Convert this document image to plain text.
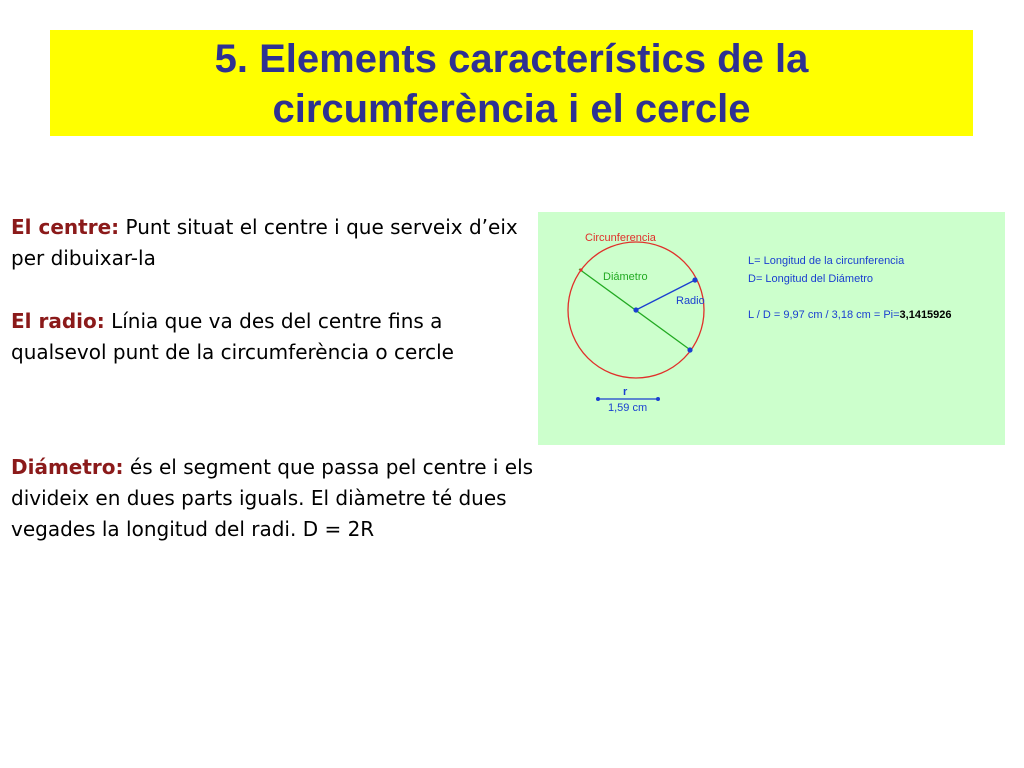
5. Elements característics de la
circumferència i el cercle

El centre: Punt situat el centre i que serveix d’eix per dibuixar-la

El radio: Línia que va des del centre fins a qualsevol punt de la circumferència o cercle

Diámetro: és el segment que passa pel centre i els divideix en dues parts iguals. El diàmetre té dues vegades la longitud del radi. D = 2R

Circunferencia
Diámetro
Radio
L= Longitud de la circunferencia
D= Longitud del Diámetro
L / D = 9,97 cm / 3,18 cm = Pi=3,1415926
r
1,59 cm
